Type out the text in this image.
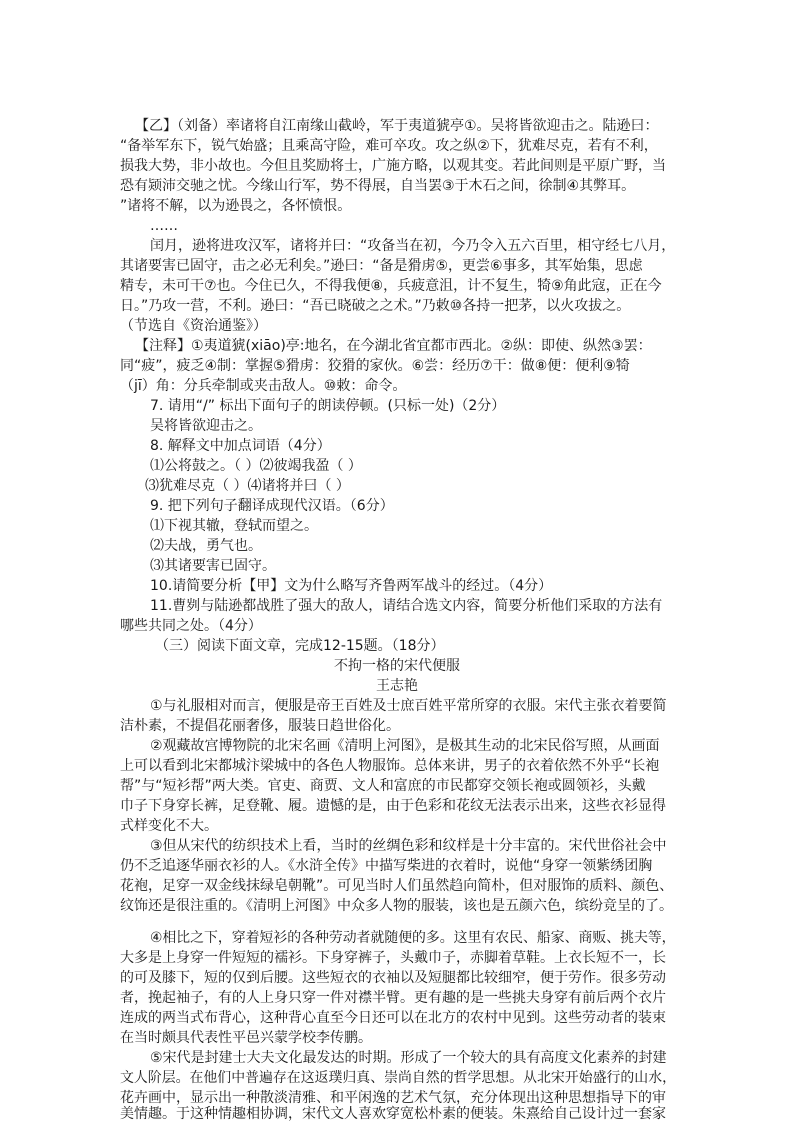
【乙】（刘备）率诸将自江南缘山截岭，军于夷道猇亭①。吴将皆欲迎击之。陆逊曰：
“备举军东下，锐气始盛；且乘高守险，难可卒攻。攻之纵②下，犹难尽克，若有不利，
损我大势，非小故也。今但且奖励将士，广施方略，以观其变。若此间则是平原广野，当
恐有颎沛交驰之忧。今缘山行军，势不得展，自当罢③于木石之间，徐制④其弊耳。
”诸将不解，以为逊畏之，各怀愤恨。
……
闰月，逊将进攻汉军，诸将并曰：“攻备当在初，今乃令入五六百里，相守经七八月，
其诸要害已固守，击之必无利矣。”逊曰：“备是猾虏⑤，更尝⑥事多，其军始集，思虑
精专，未可干⑦也。今住已久，不得我便⑧，兵疲意沮，计不复生，犄⑨角此寇，正在今
日。”乃攻一营，不利。逊曰：“吾已晓破之之术。”乃敕⑩各持一把茅，以火攻拔之。
（节选自《资治通鉴》）
【注释】①夷道猇(xiāo)亭:地名，在今湖北省宜都市西北。②纵：即使、纵然③罢：
同“疲”，疲乏④制：掌握⑤猾虏：狡猾的家伙。⑥尝：经历⑦干：做⑧便：便利⑨犄
（jī）角：分兵牵制或夹击敌人。⑩敕：命令。
7. 请用“/” 标出下面句子的朗读停顿。(只标一处)（2分）
吴将皆欲迎击之。
8. 解释文中加点词语（4分）
⑴公将鼓之。（ ）⑵彼竭我盈（ ）
⑶犹难尽克（ ）⑷诸将并曰（ ）
9. 把下列句子翻译成现代汉语。（6分）
⑴下视其辙，登轼而望之。
⑵夫战，勇气也。
⑶其诸要害已固守。
10.请简要分析【甲】文为什么略写齐鲁两军战斗的经过。（4分）
11.曹刿与陆逊都战胜了强大的敌人，请结合选文内容，简要分析他们采取的方法有
哪些共同之处。（4分）
（三）阅读下面文章，完成12-15题。（18分）
不拘一格的宋代便服
王志艳
①与礼服相对而言，便服是帝王百姓及士庶百姓平常所穿的衣服。宋代主张衣着要简
洁朴素，不提倡花丽奢侈，服装日趋世俗化。
②观藏故宫博物院的北宋名画《清明上河图》，是极其生动的北宋民俗写照，从画面
上可以看到北宋都城汴梁城中的各色人物服饰。总体来讲，男子的衣着依然不外乎“长袍
帮”与“短衫帮”两大类。官吏、商贾、文人和富庶的市民都穿交领长袍或圆领衫，头戴
巾子下身穿长裤，足登靴、履。遗憾的是，由于色彩和花纹无法表示出来，这些衣衫显得
式样变化不大。
③但从宋代的纺织技术上看，当时的丝绸色彩和纹样是十分丰富的。宋代世俗社会中
仍不乏追逐华丽衣衫的人。《水浒全传》中描写柴进的衣着时，说他“身穿一领紫绣团胸
花袍，足穿一双金线抹绿皂朝靴”。可见当时人们虽然趋向简朴，但对服饰的质料、颜色、
纹饰还是很注重的。《清明上河图》中众多人物的服装，该也是五颜六色，缤纷竞呈的了。
④相比之下，穿着短衫的各种劳动者就随便的多。这里有农民、船家、商贩、挑夫等，
大多是上身穿一件短短的襦衫。下身穿裤子，头戴巾子，赤脚着草鞋。上衣长短不一，长
的可及膝下，短的仅到后腰。这些短衣的衣袖以及短腿都比较细窄，便于劳作。很多劳动
者，挽起袖子，有的人上身只穿一件对襟半臂。更有趣的是一些挑夫身穿有前后两个衣片
连成的两当式布背心，这种背心直至今日还可以在北方的农村中见到。这些劳动者的装束
在当时颇具代表性平邑兴蒙学校李传鹏。
⑤宋代是封建士大夫文化最发达的时期。形成了一个较大的具有高度文化素养的封建
文人阶层。在他们中普遍存在这返璞归真、崇尚自然的哲学思想。从北宋开始盛行的山水，
花卉画中，显示出一种散淡清雅、和平闲逸的艺术气氛，充分体现出这种思想指导下的审
美情趣。于这种情趣相协调，宋代文人喜欢穿宽松朴素的便装。朱熹给自己设计过一套家
